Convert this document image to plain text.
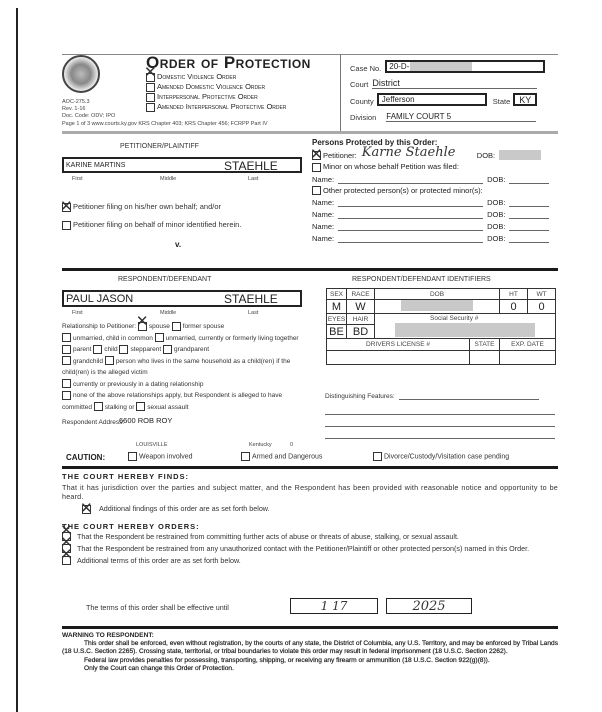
Order of Protection
✕Domestic Violence Order
Amended Domestic Violence Order
Interpersonal Protective Order
Amended Interpersonal Protective Order
AOC-275.3
Rev. 1-16
Doc. Code: ODV; IPO
Page 1 of 3 www.courts.ky.gov KRS Chapter 403; KRS Chapter 456; FCRPP Part IV
Case No. 20-D-
Court District
County	Jefferson	State KY
Division FAMILY COURT 5
PETITIONER/PLAINTIFF
KARINE MARTINS	STAEHLE
First	Middle	Last
✕Petitioner filing on his/her own behalf; and/or
Petitioner filing on behalf of minor identified herein.
v.
Persons Protected by this Order:
✕
Petitioner: Karne Staehle	DOB:
Minor on whose behalf Petition was filed:
Name:	DOB:
Other protected person(s) or protected minor(s):
Name:	DOB:
Name:	DOB:
Name:	DOB:
Name:	DOB:
RESPONDENT/DEFENDANT
PAUL JASON	STAEHLE
First	Middle	Last
Relationship to Petitioner: ✕ spouse former spouse
unmarried, child in common unmarried, currently or formerly living together parent child stepparent grandparent
grandchild person who lives in the same household as a child(ren) if the child(ren) is the alleged victim
currently or previously in a dating relationship
none of the above relationships apply, but Respondent is alleged to have committed stalking or sexual assault
Respondent Address:
6600 ROB ROY
LOUISVILLE	Kentucky	0
RESPONDENT/DEFENDANT IDENTIFIERS
SEX	RACE	DOB		HT	WT
M	W			0	0
EYES	HAIR	Social Security #			

BE	BD				
DRIVERS LICENSE #			STATE	EXP. DATE	

Distinguishing Features:
CAUTION:	Weapon involved	Armed and Dangerous	Divorce/Custody/Visitation case pending
THE COURT HEREBY FINDS:
That it has jurisdiction over the parties and subject matter, and the Respondent has been provided with reasonable notice and opportunity to be heard.
✕Additional findings of this order are as set forth below.
THE COURT HEREBY ORDERS:
✕
That the Respondent be restrained from committing further acts of abuse or threats of abuse, stalking, or sexual assault.
✕
That the Respondent be restrained from any unauthorized contact with the Petitioner/Plaintiff or other protected person(s) named in this Order.
✕
Additional terms of this order are as set forth below.
The terms of this order shall be effective until	1 17	2025
WARNING TO RESPONDENT:
This order shall be enforced, even without registration, by the courts of any state, the District of Columbia, any U.S. Territory, and may be enforced by Tribal Lands (18 U.S.C. Section 2265). Crossing state, territorial, or tribal boundaries to violate this order may result in federal imprisonment (18 U.S.C. Section 2262).
Federal law provides penalties for possessing, transporting, shipping, or receiving any firearm or ammunition (18 U.S.C. Section 922(g)(8)).
Only the Court can change this Order of Protection.
